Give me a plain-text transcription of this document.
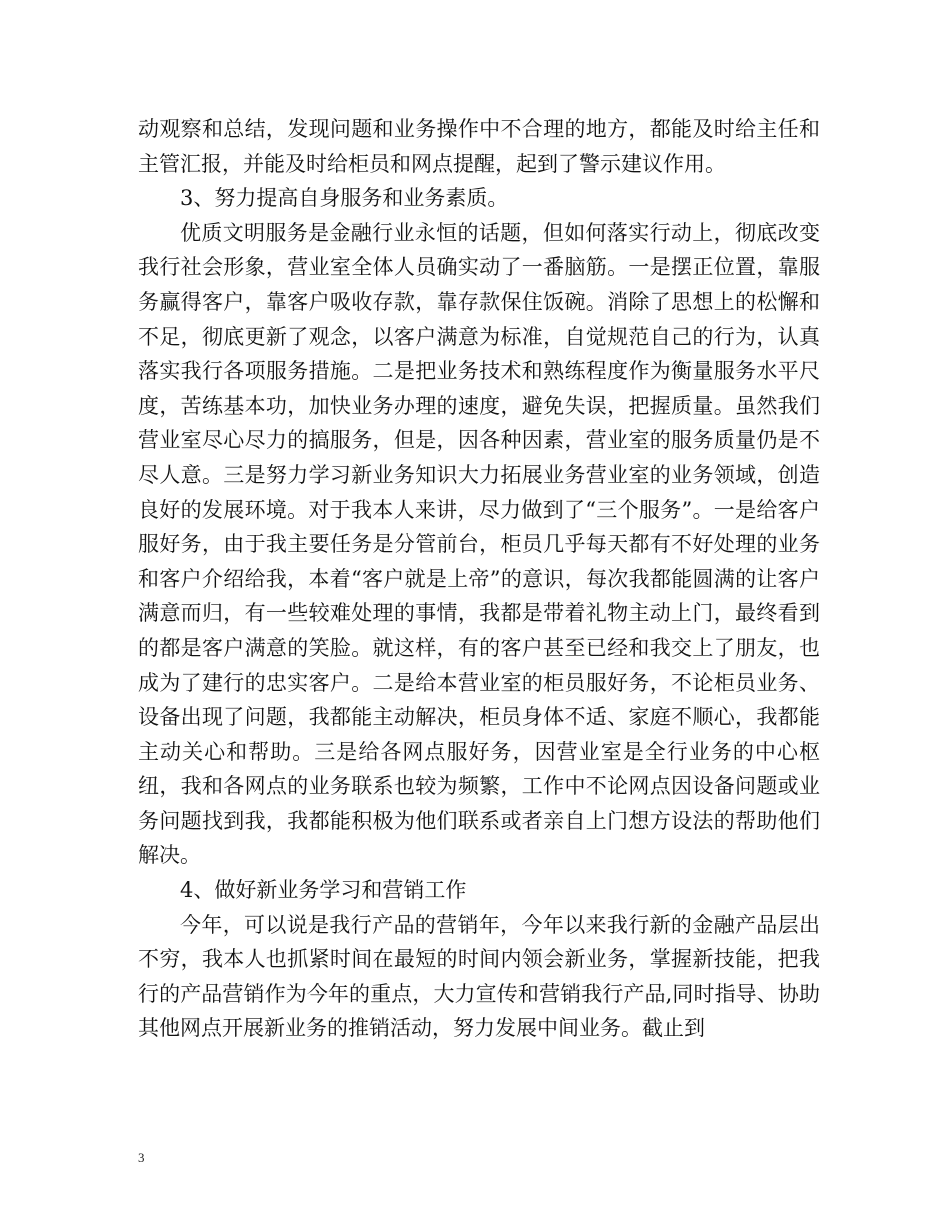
动观察和总结，发现问题和业务操作中不合理的地方，都能及时给主任和主管汇报，并能及时给柜员和网点提醒，起到了警示建议作用。

3、努力提高自身服务和业务素质。

优质文明服务是金融行业永恒的话题，但如何落实行动上，彻底改变我行社会形象，营业室全体人员确实动了一番脑筋。一是摆正位置，靠服务赢得客户，靠客户吸收存款，靠存款保住饭碗。消除了思想上的松懈和不足，彻底更新了观念，以客户满意为标准，自觉规范自己的行为，认真落实我行各项服务措施。二是把业务技术和熟练程度作为衡量服务水平尺度，苦练基本功，加快业务办理的速度，避免失误，把握质量。虽然我们营业室尽心尽力的搞服务，但是，因各种因素，营业室的服务质量仍是不尽人意。三是努力学习新业务知识大力拓展业务营业室的业务领域，创造良好的发展环境。对于我本人来讲，尽力做到了“三个服务”。一是给客户服好务，由于我主要任务是分管前台，柜员几乎每天都有不好处理的业务和客户介绍给我，本着“客户就是上帝”的意识，每次我都能圆满的让客户满意而归，有一些较难处理的事情，我都是带着礼物主动上门，最终看到的都是客户满意的笑脸。就这样，有的客户甚至已经和我交上了朋友，也成为了建行的忠实客户。二是给本营业室的柜员服好务，不论柜员业务、设备出现了问题，我都能主动解决，柜员身体不适、家庭不顺心，我都能主动关心和帮助。三是给各网点服好务，因营业室是全行业务的中心枢纽，我和各网点的业务联系也较为频繁，工作中不论网点因设备问题或业务问题找到我，我都能积极为他们联系或者亲自上门想方设法的帮助他们解决。

4、做好新业务学习和营销工作

今年，可以说是我行产品的营销年，今年以来我行新的金融产品层出不穷，我本人也抓紧时间在最短的时间内领会新业务，掌握新技能，把我行的产品营销作为今年的重点，大力宣传和营销我行产品,同时指导、协助其他网点开展新业务的推销活动，努力发展中间业务。截止到

3
